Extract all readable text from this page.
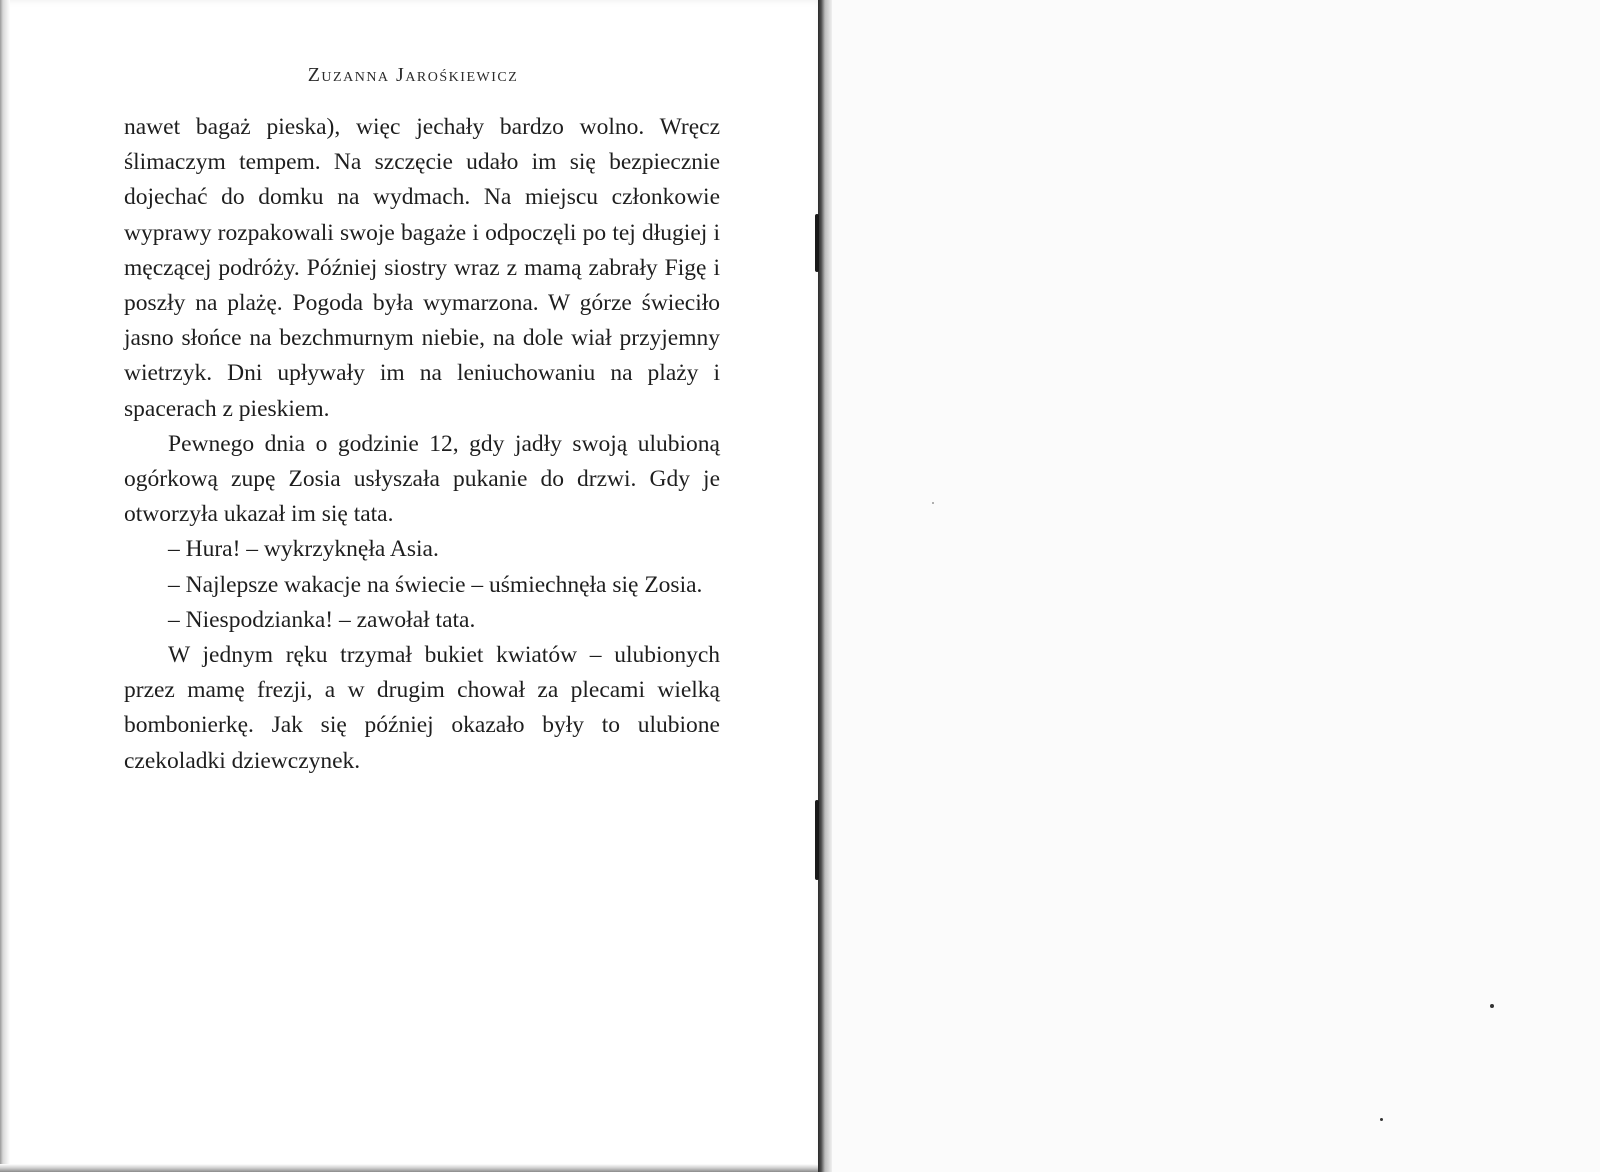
Zuzanna Jarośkiewicz

nawet bagaż pieska), więc jechały bardzo wolno. Wręcz ślimaczym tempem. Na szczęcie udało im się bezpiecznie dojechać do domku na wydmach. Na miejscu członkowie wyprawy rozpakowali swoje bagaże i odpoczęli po tej długiej i męczącej podróży. Później siostry wraz z mamą zabrały Figę i poszły na plażę. Pogoda była wymarzona. W górze świeciło jasno słońce na bezchmurnym niebie, na dole wiał przyjemny wietrzyk. Dni upływały im na leniuchowaniu na plaży i spacerach z pieskiem.

Pewnego dnia o godzinie 12, gdy jadły swoją ulubioną ogórkową zupę Zosia usłyszała pukanie do drzwi. Gdy je otworzyła ukazał im się tata.

– Hura! – wykrzyknęła Asia.

– Najlepsze wakacje na świecie – uśmiechnęła się Zosia.

– Niespodzianka! – zawołał tata.

W jednym ręku trzymał bukiet kwiatów – ulubionych przez mamę frezji, a w drugim chował za plecami wielką bombonierkę. Jak się później okazało były to ulubione czekoladki dziewczynek.
